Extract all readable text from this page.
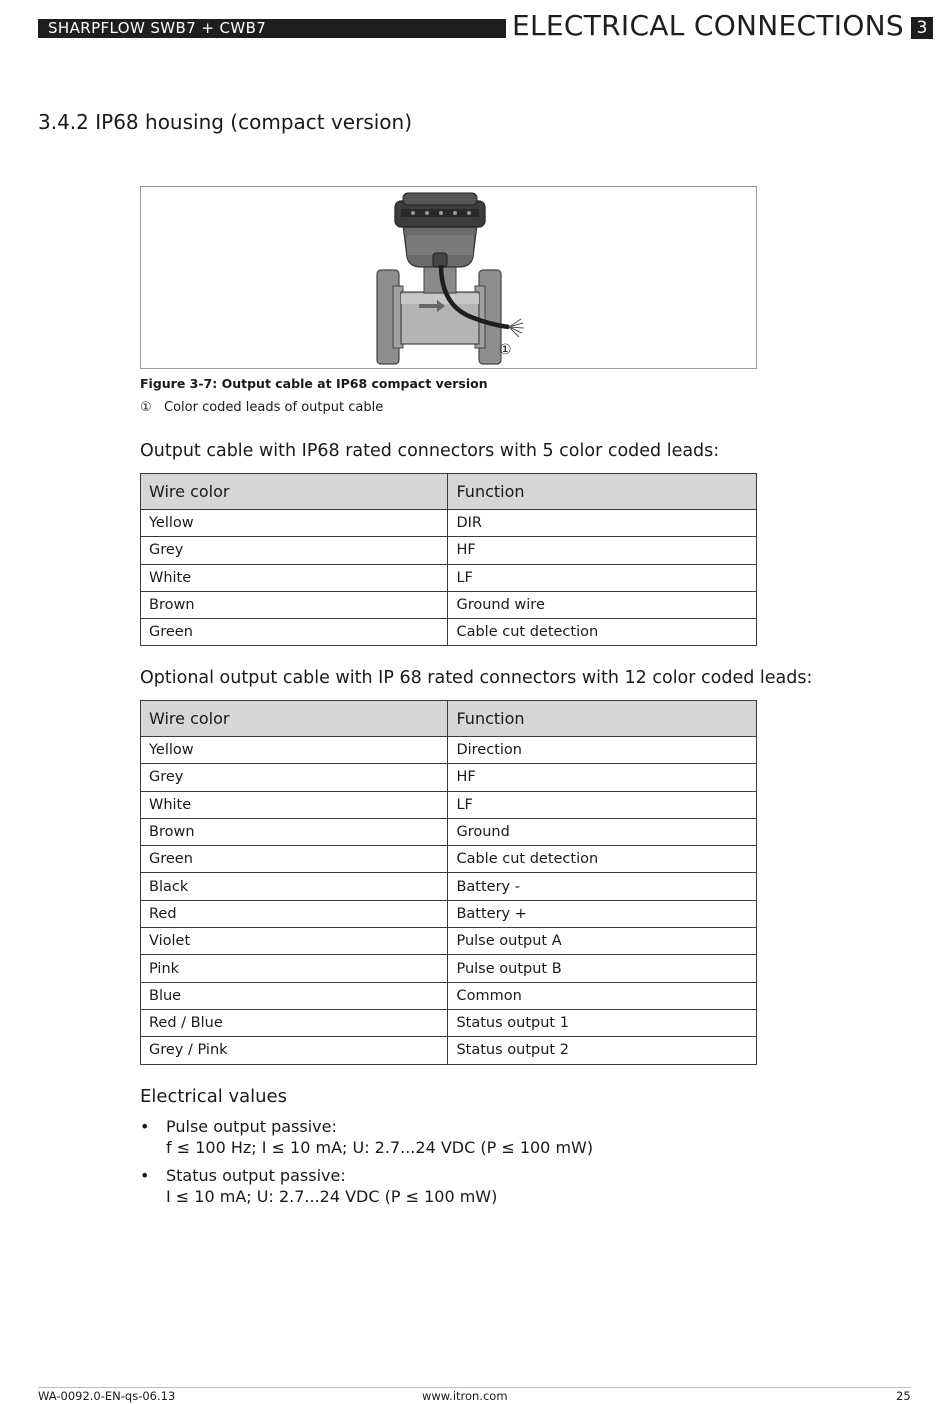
SHARPFLOW SWB7 + CWB7	ELECTRICAL CONNECTIONS 3
3.4.2 IP68 housing (compact version)
①
Figure 3-7: Output cable at IP68 compact version
① Color coded leads of output cable
Output cable with IP68 rated connectors with 5 color coded leads:
Wire color	Function
Yellow	DIR
Grey	HF
White	LF
Brown	Ground wire
Green	Cable cut detection
Optional output cable with IP 68 rated connectors with 12 color coded leads:
Wire color	Function
Yellow	Direction
Grey	HF
White	LF
Brown	Ground
Green	Cable cut detection
Black	Battery -
Red	Battery +
Violet	Pulse output A
Pink	Pulse output B
Blue	Common
Red / Blue	Status output 1
Grey / Pink	Status output 2
Electrical values
• Pulse output passive:
f ≤ 100 Hz; I ≤ 10 mA; U: 2.7...24 VDC (P ≤ 100 mW)
• Status output passive:
I ≤ 10 mA; U: 2.7...24 VDC (P ≤ 100 mW)
WA-0092.0-EN-qs-06.13	www.itron.com	25
